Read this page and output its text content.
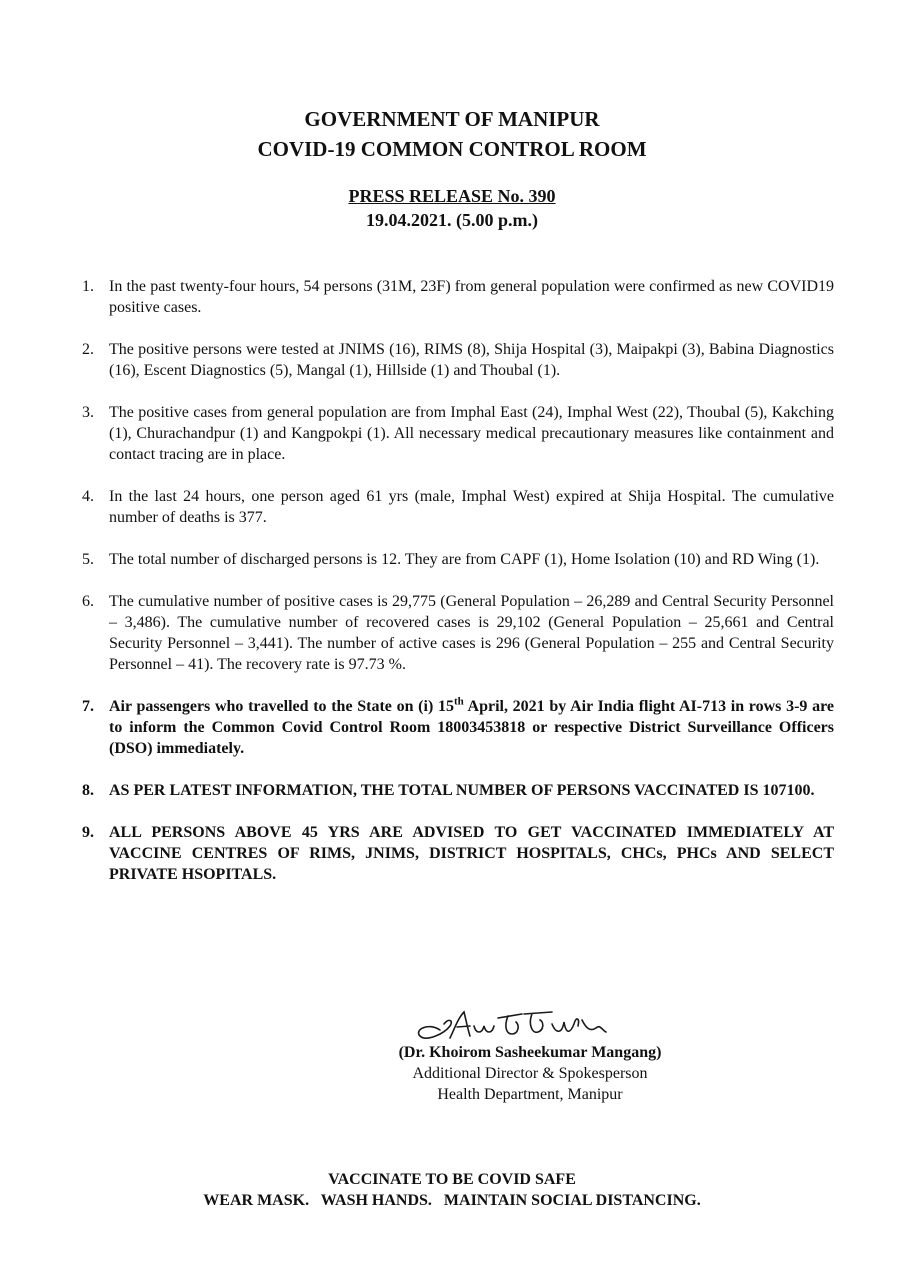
GOVERNMENT OF MANIPUR
COVID-19 COMMON CONTROL ROOM
PRESS RELEASE No. 390
19.04.2021. (5.00 p.m.)
1. In the past twenty-four hours, 54 persons (31M, 23F) from general population were confirmed as new COVID19 positive cases.
2. The positive persons were tested at JNIMS (16), RIMS (8), Shija Hospital (3), Maipakpi (3), Babina Diagnostics (16), Escent Diagnostics (5), Mangal (1), Hillside (1) and Thoubal (1).
3. The positive cases from general population are from Imphal East (24), Imphal West (22), Thoubal (5), Kakching (1), Churachandpur (1) and Kangpokpi (1). All necessary medical precautionary measures like containment and contact tracing are in place.
4. In the last 24 hours, one person aged 61 yrs (male, Imphal West) expired at Shija Hospital. The cumulative number of deaths is 377.
5. The total number of discharged persons is 12. They are from CAPF (1), Home Isolation (10) and RD Wing (1).
6. The cumulative number of positive cases is 29,775 (General Population – 26,289 and Central Security Personnel – 3,486). The cumulative number of recovered cases is 29,102 (General Population – 25,661 and Central Security Personnel – 3,441). The number of active cases is 296 (General Population – 255 and Central Security Personnel – 41). The recovery rate is 97.73 %.
7. Air passengers who travelled to the State on (i) 15th April, 2021 by Air India flight AI-713 in rows 3-9 are to inform the Common Covid Control Room 18003453818 or respective District Surveillance Officers (DSO) immediately.
8. AS PER LATEST INFORMATION, THE TOTAL NUMBER OF PERSONS VACCINATED IS 107100.
9. ALL PERSONS ABOVE 45 YRS ARE ADVISED TO GET VACCINATED IMMEDIATELY AT VACCINE CENTRES OF RIMS, JNIMS, DISTRICT HOSPITALS, CHCs, PHCs AND SELECT PRIVATE HSOPITALS.
(Dr. Khoirom Sasheekumar Mangang)
Additional Director & Spokesperson
Health Department, Manipur
VACCINATE TO BE COVID SAFE
WEAR MASK.   WASH HANDS.   MAINTAIN SOCIAL DISTANCING.
